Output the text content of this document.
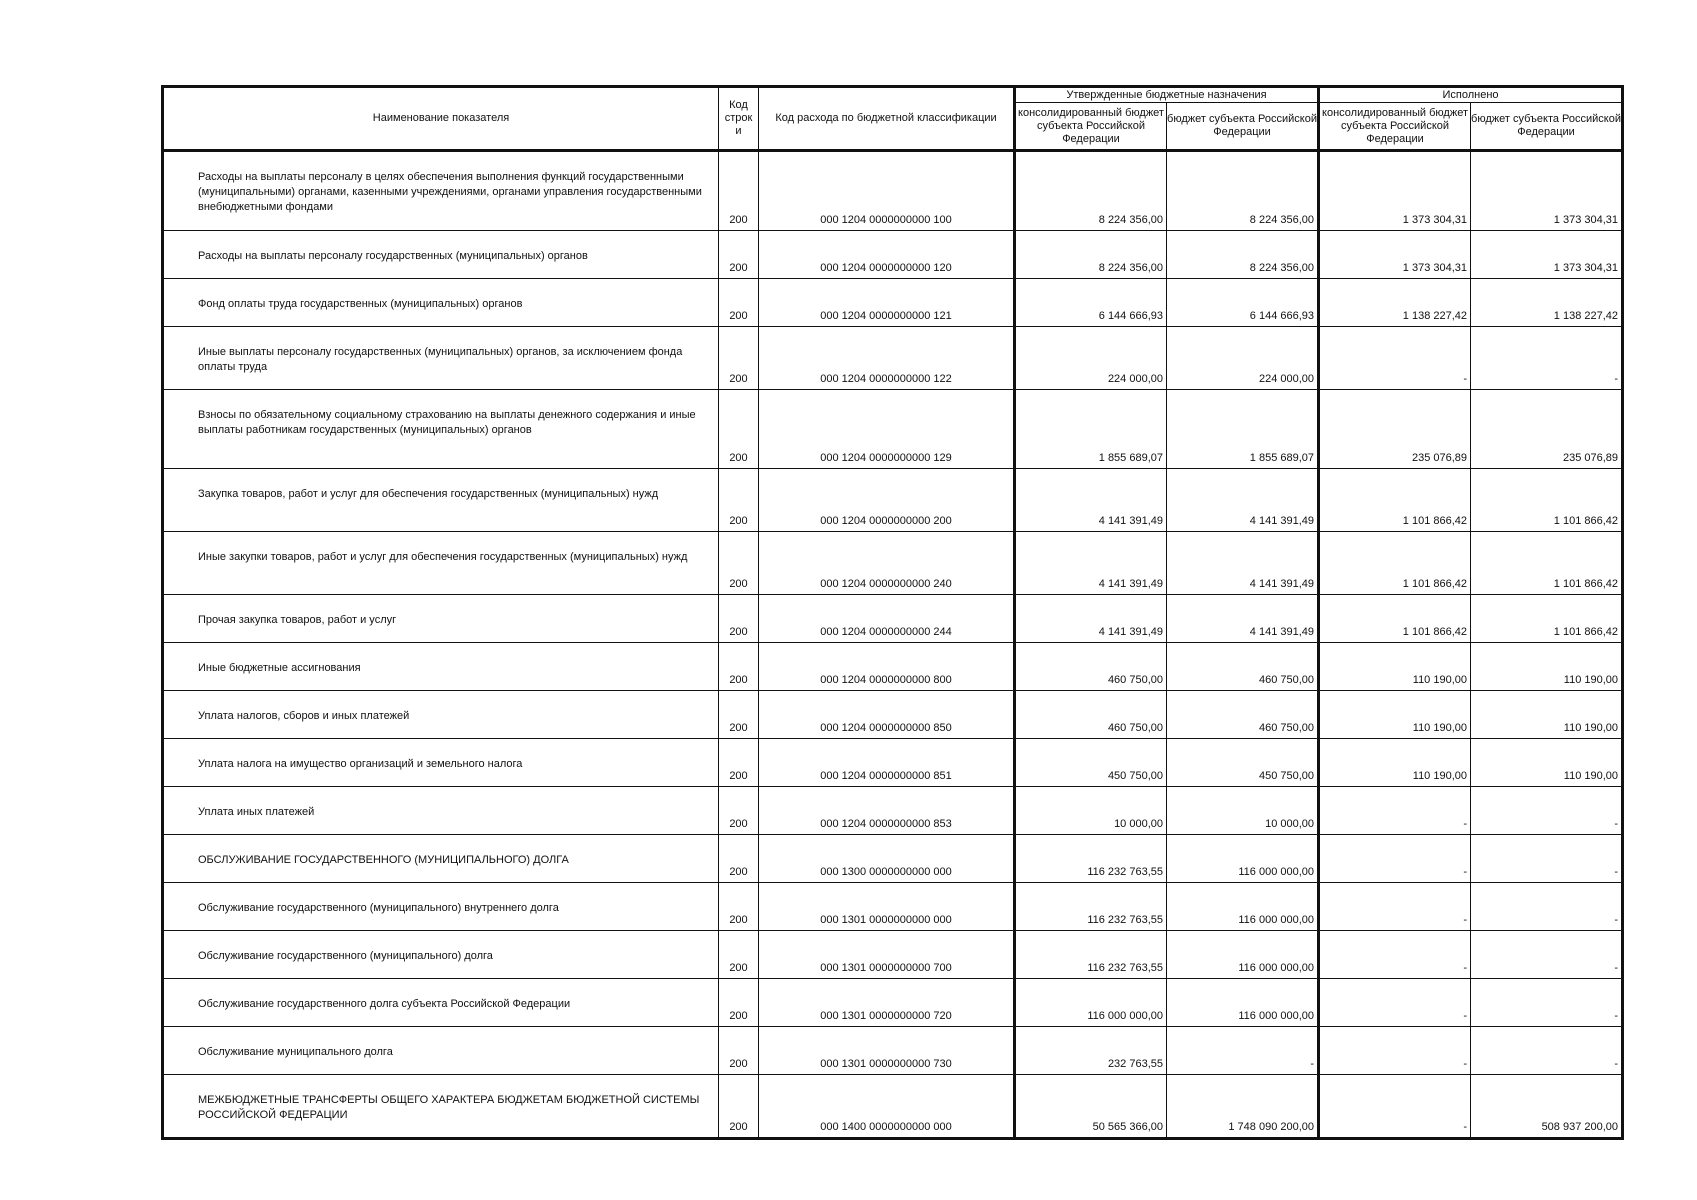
Наименование показателя	Код строк и	Код расхода по бюджетной классификации	Утвержденные бюджетные назначения		Исполнено	
			консолидированный бюджет субъекта Российской Федерации	бюджет субъекта Российской Федерации	консолидированный бюджет субъекта Российской Федерации	бюджет субъекта Российской Федерации
Расходы на выплаты персоналу в целях обеспечения выполнения функций государственными (муниципальными) органами, казенными учреждениями, органами управления государственными внебюджетными фондами	200	000 1204 0000000000 100	8 224 356,00	8 224 356,00	1 373 304,31	1 373 304,31
Расходы на выплаты персоналу государственных (муниципальных) органов	200	000 1204 0000000000 120	8 224 356,00	8 224 356,00	1 373 304,31	1 373 304,31
Фонд оплаты труда государственных (муниципальных) органов	200	000 1204 0000000000 121	6 144 666,93	6 144 666,93	1 138 227,42	1 138 227,42
Иные выплаты персоналу государственных (муниципальных) органов, за исключением фонда оплаты труда	200	000 1204 0000000000 122	224 000,00	224 000,00	-	-
Взносы по обязательному социальному страхованию на выплаты денежного содержания и иные выплаты работникам государственных (муниципальных) органов	200	000 1204 0000000000 129	1 855 689,07	1 855 689,07	235 076,89	235 076,89
Закупка товаров, работ и услуг для обеспечения государственных (муниципальных) нужд	200	000 1204 0000000000 200	4 141 391,49	4 141 391,49	1 101 866,42	1 101 866,42
Иные закупки товаров, работ и услуг для обеспечения государственных (муниципальных) нужд	200	000 1204 0000000000 240	4 141 391,49	4 141 391,49	1 101 866,42	1 101 866,42
Прочая закупка товаров, работ и услуг	200	000 1204 0000000000 244	4 141 391,49	4 141 391,49	1 101 866,42	1 101 866,42
Иные бюджетные ассигнования	200	000 1204 0000000000 800	460 750,00	460 750,00	110 190,00	110 190,00
Уплата налогов, сборов и иных платежей	200	000 1204 0000000000 850	460 750,00	460 750,00	110 190,00	110 190,00
Уплата налога на имущество организаций и земельного налога	200	000 1204 0000000000 851	450 750,00	450 750,00	110 190,00	110 190,00
Уплата иных платежей	200	000 1204 0000000000 853	10 000,00	10 000,00	-	-
ОБСЛУЖИВАНИЕ ГОСУДАРСТВЕННОГО (МУНИЦИПАЛЬНОГО) ДОЛГА	200	000 1300 0000000000 000	116 232 763,55	116 000 000,00	-	-
Обслуживание государственного (муниципального) внутреннего долга	200	000 1301 0000000000 000	116 232 763,55	116 000 000,00	-	-
Обслуживание государственного (муниципального) долга	200	000 1301 0000000000 700	116 232 763,55	116 000 000,00	-	-
Обслуживание государственного долга субъекта Российской Федерации	200	000 1301 0000000000 720	116 000 000,00	116 000 000,00	-	-
Обслуживание муниципального долга	200	000 1301 0000000000 730	232 763,55	-	-	-
МЕЖБЮДЖЕТНЫЕ ТРАНСФЕРТЫ ОБЩЕГО ХАРАКТЕРА БЮДЖЕТАМ БЮДЖЕТНОЙ СИСТЕМЫ РОССИЙСКОЙ ФЕДЕРАЦИИ	200	000 1400 0000000000 000	50 565 366,00	1 748 090 200,00	-	508 937 200,00
